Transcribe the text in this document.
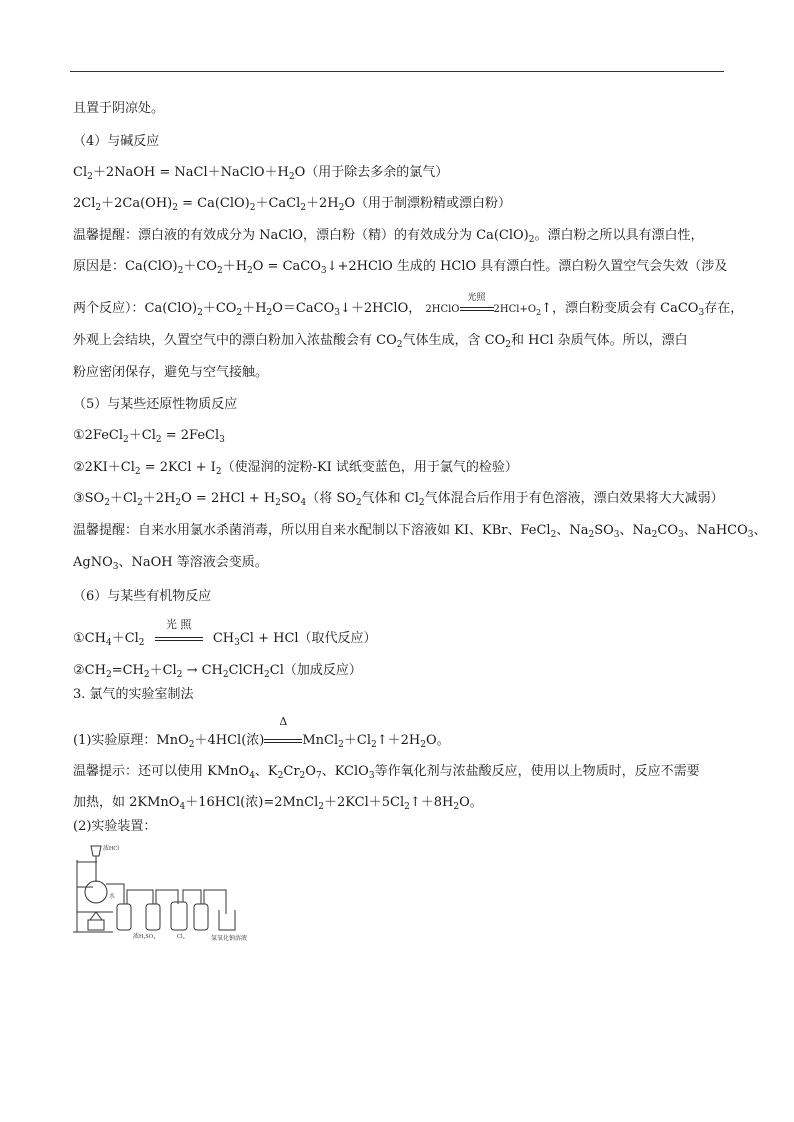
且置于阴凉处。
（4）与碱反应
$Cl_2+2NaOH$ = $NaCl+NaClO+H_2O$（用于除去多余的氯气）
$2Cl_2+2Ca(OH)_2$ = $Ca(ClO)_2+CaCl_2+2H_2O$（用于制漂粉精或漂白粉）
温馨提醒：漂白液的有效成分为 NaClO，漂白粉（精）的有效成分为 $Ca(ClO)_2$。漂白粉之所以具有漂白性，
原因是：$Ca(ClO)_2+CO_2+H_2O$ = CaCO$_3$↓+2HClO 生成的 HClO 具有漂白性。漂白粉久置空气会失效（涉及
两个反应）：$Ca(ClO)_2+CO_2+H_2O=CaCO_3↓+2HClO$， 2HClO
光照
$2HCl+O_2↑$，漂白粉变质会有 CaCO$_3$存在，
外观上会结块，久置空气中的漂白粉加入浓盐酸会有 $CO_2$气体生成，含 $CO_2$和 HCl 杂质气体。所以，漂白
粉应密闭保存，避免与空气接触。
（5）与某些还原性物质反应
$①2FeCl_2+Cl_2$ = 2FeCl$_3$
$②2KI+Cl_2 = 2KCl + I_2$（使湿润的淀粉-KI 试纸变蓝色，用于氯气的检验）
$③SO_2+Cl_2+2H_2O = 2HCl + H_2SO_4$（将 $SO_2$气体和 $Cl_2$气体混合后作用于有色溶液，漂白效果将大大减弱）
温馨提醒：自来水用氯水杀菌消毒，所以用自来水配制以下溶液如 KI、KBr、FeCl$_2$、$Na_2SO_3$、$Na_2CO_3$、NaHCO$_3$、
AgNO$_3$、NaOH 等溶液会变质。
（6）与某些有机物反应
$①CH_4+Cl_2$
光 照
$CH_3Cl + HCl$（取代反应）
$②CH_2=CH_2+Cl_2$ → $CH_2ClCH_2Cl$（加成反应）
3. 氯气的实验室制法
(1)实验原理：MnO$_2$＋4HCl(浓)
Δ
$MnCl_2+Cl_2↑+2H_2O$。
温馨提示：还可以使用 KMnO$_4$、$K_2Cr_2O_7$、KClO$_3$等作氧化剂与浓盐酸反应，使用以上物质时，反应不需要
加热，如 2KMnO$_4$＋16HCl(浓)$=2MnCl_2+2KCl+5Cl_2↑+8H_2O$。
(2)实验装置：
浓HCl
水
浓H₂SO₄	Cl₂	氢氧化钠溶液
